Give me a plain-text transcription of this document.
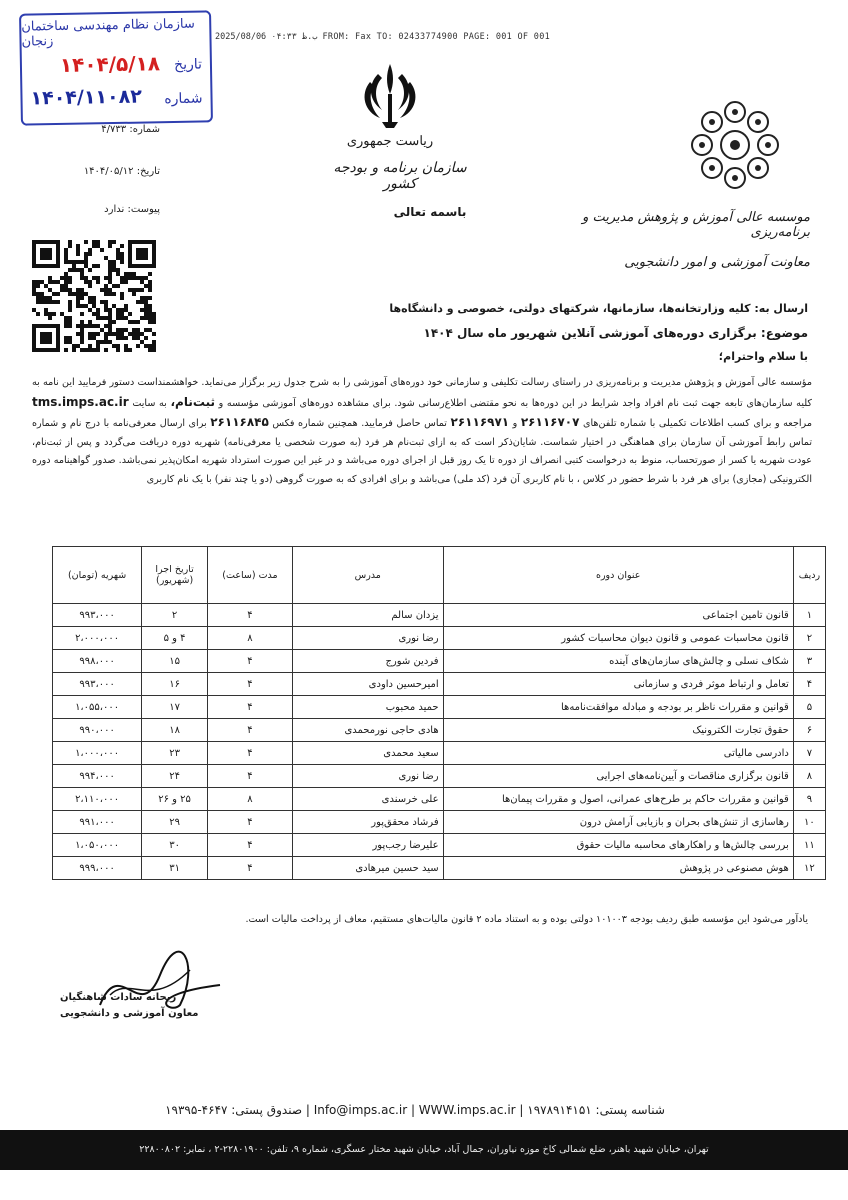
2025/08/06 ب.ظ ۰۴:۳۳ FROM: Fax TO: 02433774900 PAGE: 001 OF 001
سازمان نظام مهندسی ساختمان زنجان
تاریخ
۱۴۰۴/۵/۱۸
شماره
۱۴۰۴/۱۱۰۸۲
شماره: ۴/۷۳۳
تاریخ: ۱۴۰۴/۰۵/۱۲
پیوست: ندارد
ریاست جمهوری
سازمان برنامه و بودجه کشور
باسمه تعالی	موسسه عالی آموزش و پژوهش مدیریت و برنامه‌ریزی
معاونت آموزشی و امور دانشجویی
ارسال به: کلیه وزارتخانه‌ها، سازمانها، شرکتهای دولتی، خصوصی و دانشگاه‌ها
موضوع: برگزاری دوره‌های آموزشی آنلاین شهریور ماه سال ۱۴۰۴
با سلام واحترام؛
مؤسسه عالی آموزش و پژوهش مدیریت و برنامه‌ریزی در راستای رسالت تکلیفی و سازمانی خود دوره‌های آموزشی را به شرح جدول زیر برگزار می‌نماید. خواهشمنداست دستور فرمایید این نامه به کلیه سازمان‌های تابعه جهت ثبت نام افراد واجد شرایط در این دوره‌ها به نحو مقتضی اطلاع‌رسانی شود. برای مشاهده دوره‌های آموزشی مؤسسه و ثبت‌نام، به سایت tms.imps.ac.ir مراجعه و برای کسب اطلاعات تکمیلی با شماره تلفن‌های ۲۶۱۱۶۷۰۷ و ۲۶۱۱۶۹۷۱ تماس حاصل فرمایید. همچنین شماره فکس ۲۶۱۱۶۸۴۵ برای ارسال معرفی‌نامه با درج نام و شماره تماس رابط آموزشی آن سازمان برای هماهنگی در اختیار شماست. شایان‌ذکر است که به ازای ثبت‌نام هر فرد (به صورت شخصی یا معرفی‌نامه) شهریه دوره دریافت می‌گردد و پس از ثبت‌نام، عودت شهریه یا کسر از صورتحساب، منوط به درخواست کتبی انصراف از دوره تا یک روز قبل از اجرای دوره می‌باشد و در غیر این صورت استرداد شهریه امکان‌پذیر نمی‌باشد. صدور گواهینامه دوره الکترونیکی (مجازی) برای هر فرد با شرط حضور در کلاس ، با نام کاربری آن فرد (کد ملی) می‌باشد و برای افرادی که به صورت گروهی (دو یا چند نفر) با یک نام کاربری
ردیف	عنوان دوره	مدرس	مدت (ساعت)	تاریخ اجرا (شهریور)	شهریه (تومان)
۱	قانون تامین اجتماعی	یزدان سالم	۴	۲	۹۹۳،۰۰۰
۲	قانون محاسبات عمومی و قانون دیوان محاسبات کشور	رضا نوری	۸	۴ و ۵	۲،۰۰۰،۰۰۰
۳	شکاف نسلی و چالش‌های سازمان‌های آینده	فردین شورج	۴	۱۵	۹۹۸،۰۰۰
۴	تعامل و ارتباط موثر فردی و سازمانی	امیرحسین داودی	۴	۱۶	۹۹۳،۰۰۰
۵	قوانین و مقررات ناظر بر بودجه و مبادله موافقت‌نامه‌ها	حمید محبوب	۴	۱۷	۱،۰۵۵،۰۰۰
۶	حقوق تجارت الکترونیک	هادی حاجی نورمحمدی	۴	۱۸	۹۹۰،۰۰۰
۷	دادرسی مالیاتی	سعید محمدی	۴	۲۳	۱،۰۰۰،۰۰۰
۸	قانون برگزاری مناقصات و آیین‌نامه‌های اجرایی	رضا نوری	۴	۲۴	۹۹۴،۰۰۰
۹	قوانین و مقررات حاکم بر طرح‌های عمرانی، اصول و مقررات پیمان‌ها	علی خرسندی	۸	۲۵ و ۲۶	۲،۱۱۰،۰۰۰
۱۰	رهاسازی از تنش‌های بحران و بازیابی آرامش درون	فرشاد محقق‌پور	۴	۲۹	۹۹۱،۰۰۰
۱۱	بررسی چالش‌ها و راهکارهای محاسبه مالیات حقوق	علیرضا رجب‌پور	۴	۳۰	۱،۰۵۰،۰۰۰
۱۲	هوش مصنوعی در پژوهش	سید حسین میرهادی	۴	۳۱	۹۹۹،۰۰۰
یادآور می‌شود این مؤسسه طبق ردیف بودجه ۱۰۱۰۰۳ دولتی بوده و به استناد ماده ۲ قانون مالیات‌های مستقیم، معاف از پرداخت مالیات است.
ریحانه سادات شاهنگیان
معاون آموزشی و دانشجویی
شناسه پستی: ۱۹۷۸۹۱۴۱۵۱ | Info@imps.ac.ir | WWW.imps.ac.ir | صندوق پستی: ۴۶۴۷-۱۹۳۹۵
تهران، خیابان شهید باهنر، ضلع شمالی کاخ موزه نیاوران، جمال آباد، خیابان شهید مختار عسگری، شماره ۹، تلفن: ۲۲۸۰۱۹۰۰-۲ ، نمابر: ۲۲۸۰۰۸۰۲
